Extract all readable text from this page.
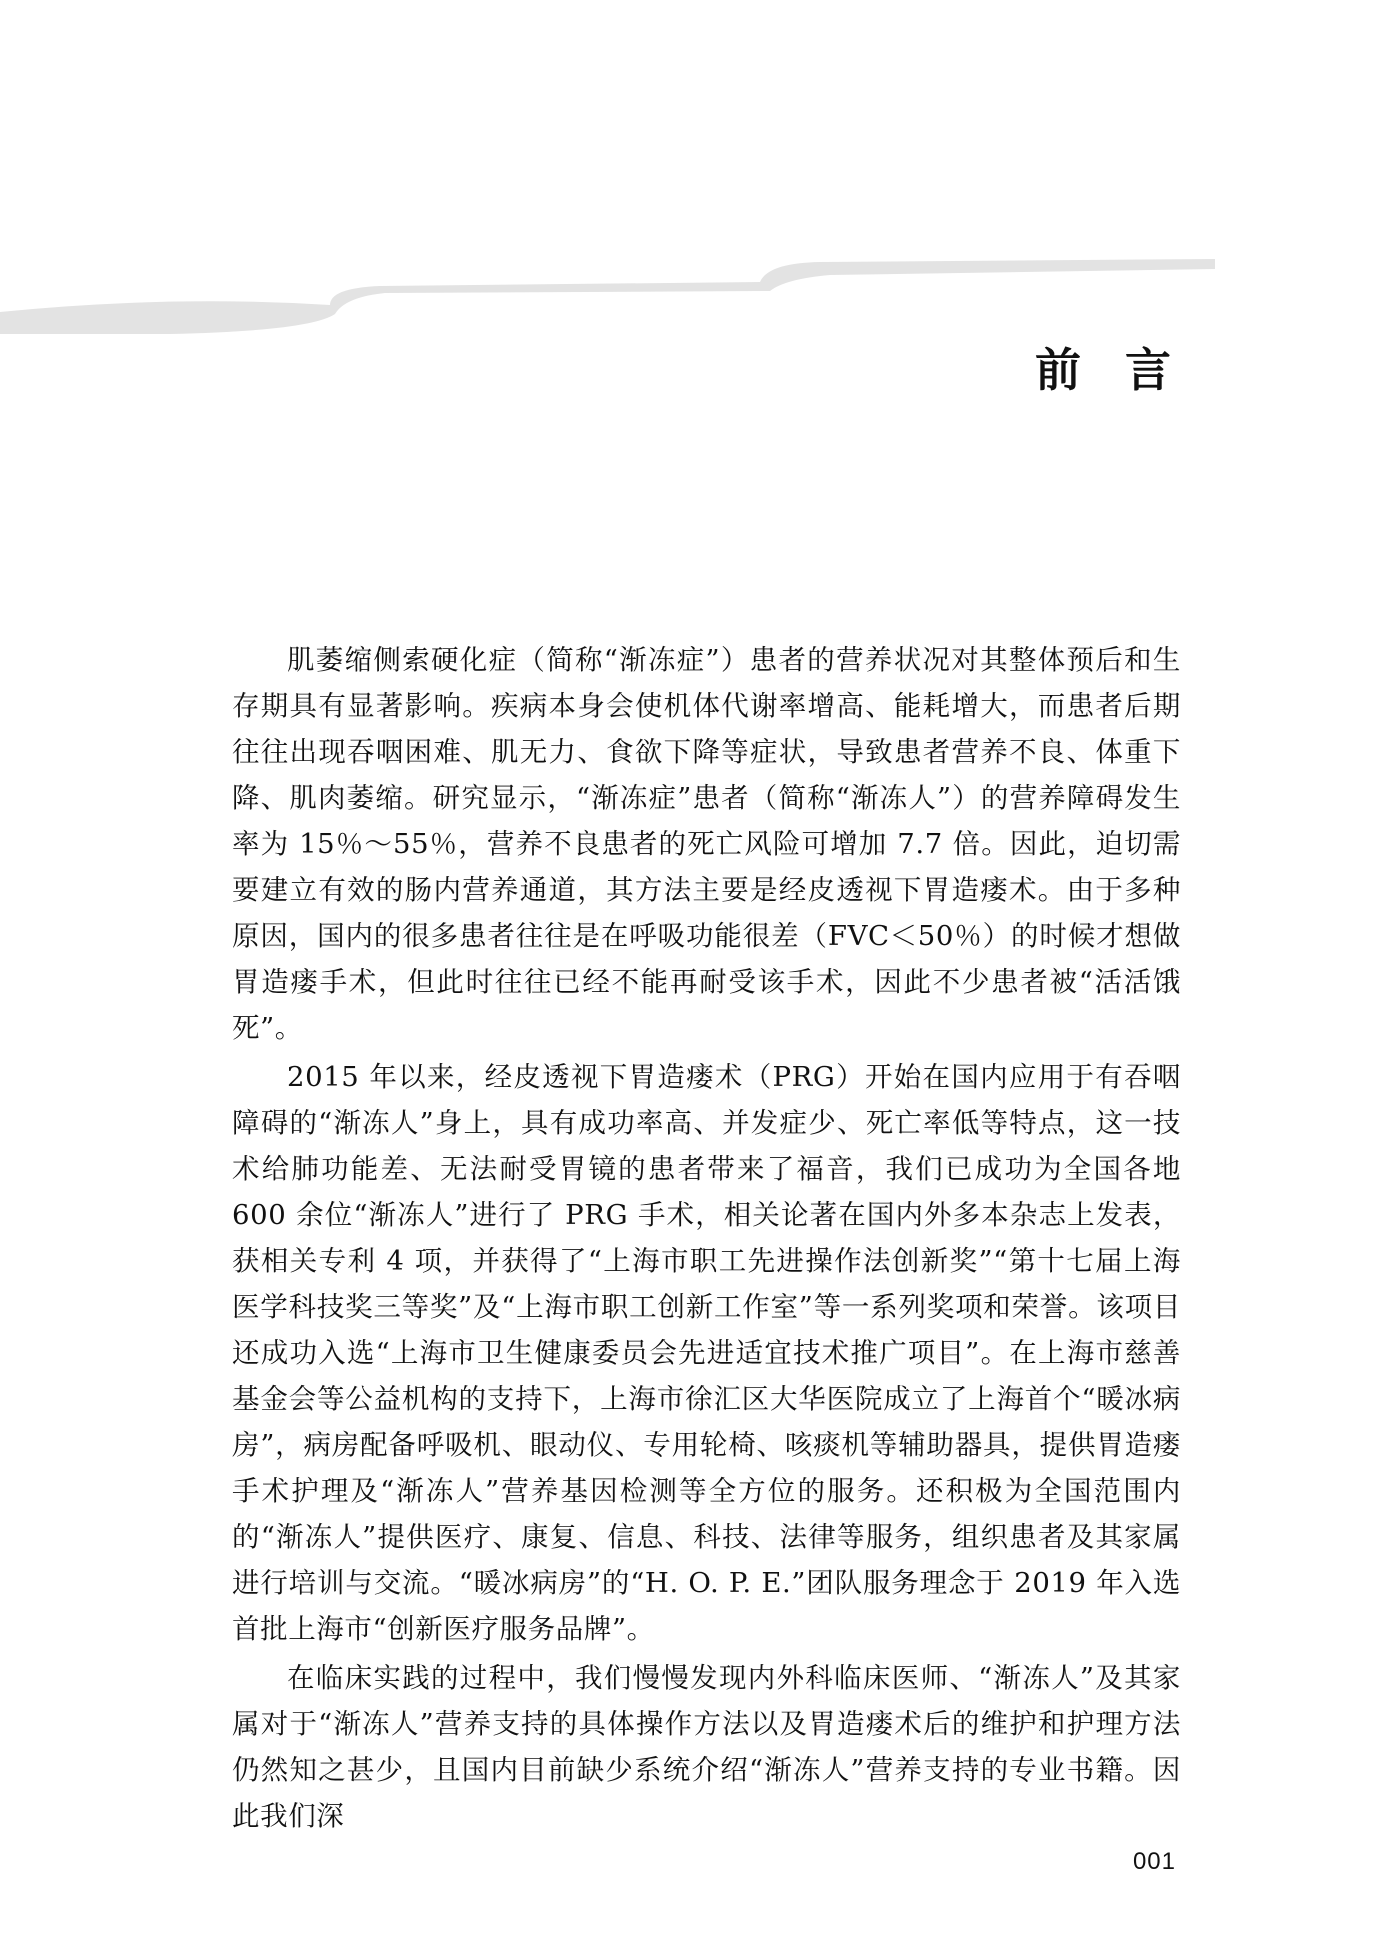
前言

肌萎缩侧索硬化症（简称“渐冻症”）患者的营养状况对其整体预后和生存期具有显著影响。疾病本身会使机体代谢率增高、能耗增大，而患者后期往往出现吞咽困难、肌无力、食欲下降等症状，导致患者营养不良、体重下降、肌肉萎缩。研究显示，“渐冻症”患者（简称“渐冻人”）的营养障碍发生率为 15％～55％，营养不良患者的死亡风险可增加 7.7 倍。因此，迫切需要建立有效的肠内营养通道，其方法主要是经皮透视下胃造瘘术。由于多种原因，国内的很多患者往往是在呼吸功能很差（FVC＜50％）的时候才想做胃造瘘手术，但此时往往已经不能再耐受该手术，因此不少患者被“活活饿死”。

2015 年以来，经皮透视下胃造瘘术（PRG）开始在国内应用于有吞咽障碍的“渐冻人”身上，具有成功率高、并发症少、死亡率低等特点，这一技术给肺功能差、无法耐受胃镜的患者带来了福音，我们已成功为全国各地 600 余位“渐冻人”进行了 PRG 手术，相关论著在国内外多本杂志上发表，获相关专利 4 项，并获得了“上海市职工先进操作法创新奖”“第十七届上海医学科技奖三等奖”及“上海市职工创新工作室”等一系列奖项和荣誉。该项目还成功入选“上海市卫生健康委员会先进适宜技术推广项目”。在上海市慈善基金会等公益机构的支持下，上海市徐汇区大华医院成立了上海首个“暖冰病房”，病房配备呼吸机、眼动仪、专用轮椅、咳痰机等辅助器具，提供胃造瘘手术护理及“渐冻人”营养基因检测等全方位的服务。还积极为全国范围内的“渐冻人”提供医疗、康复、信息、科技、法律等服务，组织患者及其家属进行培训与交流。“暖冰病房”的“H. O. P. E.”团队服务理念于 2019 年入选首批上海市“创新医疗服务品牌”。

在临床实践的过程中，我们慢慢发现内外科临床医师、“渐冻人”及其家属对于“渐冻人”营养支持的具体操作方法以及胃造瘘术后的维护和护理方法仍然知之甚少，且国内目前缺少系统介绍“渐冻人”营养支持的专业书籍。因此我们深

001
